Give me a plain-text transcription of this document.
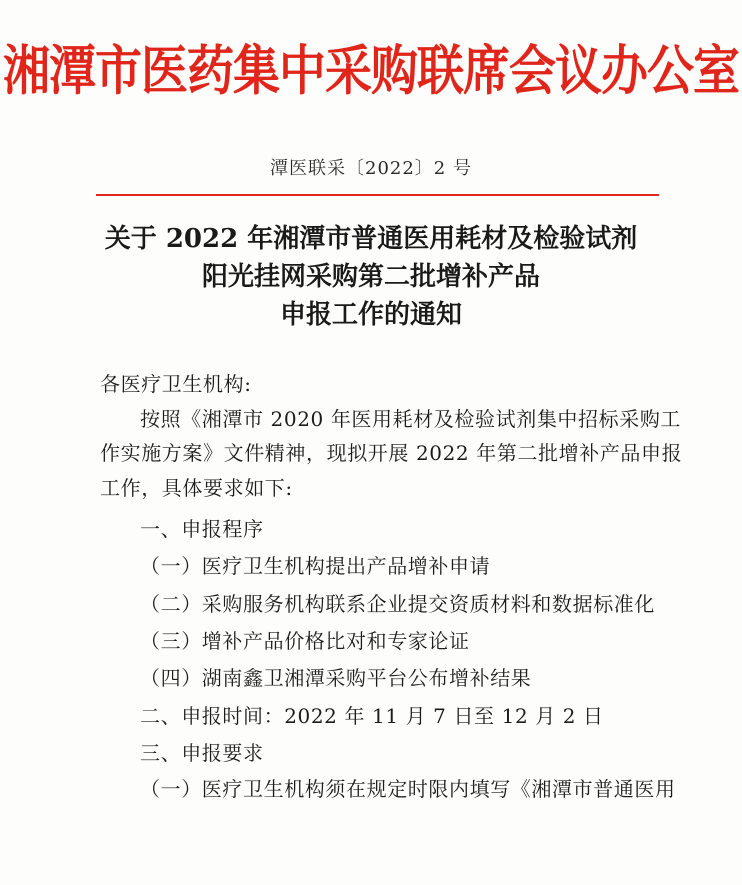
湘潭市医药集中采购联席会议办公室
潭医联采〔2022〕2 号
关于 2022 年湘潭市普通医用耗材及检验试剂
阳光挂网采购第二批增补产品
申报工作的通知
各医疗卫生机构:
按照《湘潭市 2020 年医用耗材及检验试剂集中招标采购工
作实施方案》文件精神，现拟开展 2022 年第二批增补产品申报
工作，具体要求如下:
一、申报程序
（一）医疗卫生机构提出产品增补申请
（二）采购服务机构联系企业提交资质材料和数据标准化
（三）增补产品价格比对和专家论证
（四）湖南鑫卫湘潭采购平台公布增补结果
二、申报时间：2022 年 11 月 7 日至 12 月 2 日
三、申报要求
（一）医疗卫生机构须在规定时限内填写《湘潭市普通医用
